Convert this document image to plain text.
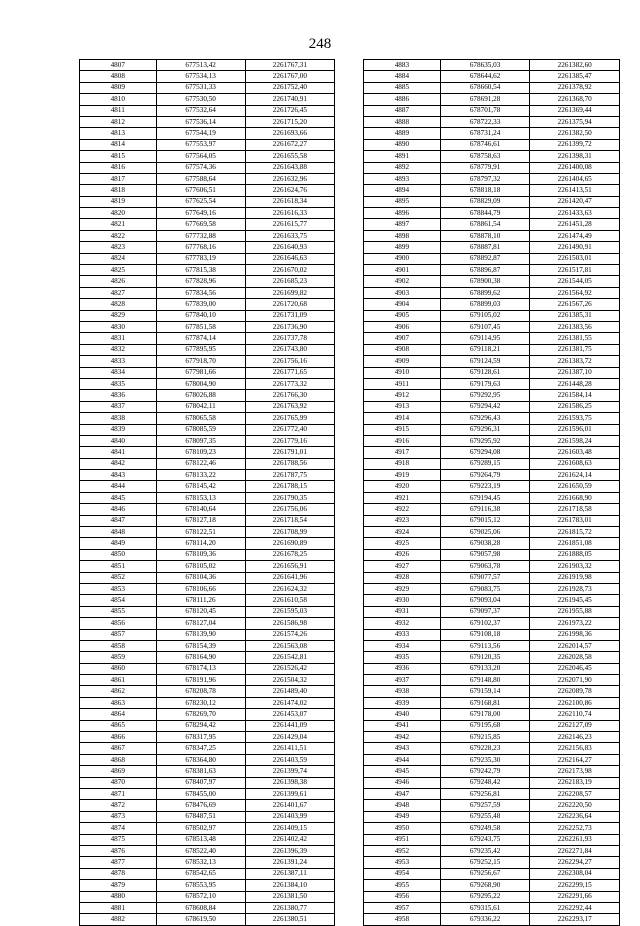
248
4807	677513,42	2261767,31
4808	677534,13	2261767,00
4809	677531,33	2261752,40
4810	677530,50	2261740,91
4811	677532,64	2261726,45
4812	677536,14	2261715,20
4813	677544,19	2261693,66
4814	677553,97	2261672,27
4815	677564,05	2261655,58
4816	677574,36	2261643,88
4817	677588,64	2261632,96
4818	677606,51	2261624,76
4819	677625,54	2261618,34
4820	677649,16	2261616,33
4821	677669,58	2261615,77
4822	677732,88	2261633,75
4823	677768,16	2261640,93
4824	677783,19	2261646,63
4825	677815,38	2261670,02
4826	677828,96	2261685,23
4827	677834,56	2261699,82
4828	677839,00	2261720,68
4829	677840,10	2261731,09
4830	677851,58	2261736,90
4831	677874,14	2261737,78
4832	677895,95	2261743,80
4833	677918,70	2261756,16
4834	677981,66	2261771,65
4835	678004,90	2261773,32
4836	678026,88	2261766,30
4837	678042,11	2261763,92
4838	678065,58	2261765,99
4839	678085,59	2261772,40
4840	678097,35	2261779,16
4841	678109,23	2261791,01
4842	678122,46	2261788,56
4843	678133,22	2261787,75
4844	678145,42	2261788,15
4845	678153,13	2261790,35
4846	678140,64	2261756,06
4847	678127,18	2261718,54
4848	678122,51	2261708,99
4849	678114,20	2261690,89
4850	678109,36	2261678,25
4851	678105,02	2261656,91
4852	678104,36	2261641,96
4853	678106,66	2261624,32
4854	678111,26	2261610,58
4855	678120,45	2261595,03
4856	678127,04	2261586,98
4857	678139,90	2261574,26
4858	678154,39	2261563,08
4859	678164,90	2261542,81
4860	678174,13	2261526,42
4861	678191,96	2261504,32
4862	678208,78	2261489,40
4863	678230,12	2261474,02
4864	678269,70	2261453,07
4865	678294,42	2261441,09
4866	678317,95	2261429,04
4867	678347,25	2261411,51
4868	678364,80	2261403,59
4869	678381,63	2261399,74
4870	678407,97	2261398,38
4871	678455,00	2261399,61
4872	678476,69	2261401,67
4873	678487,51	2261403,99
4874	678502,97	2261409,15
4875	678513,48	2261402,42
4876	678522,40	2261396,39
4877	678532,13	2261391,24
4878	678542,65	2261387,11
4879	678553,95	2261384,10
4880	678572,10	2261381,50
4881	678608,84	2261380,77
4882	678619,50	2261380,51
4883	678635,03	2261382,60
4884	678644,62	2261385,47
4885	678660,54	2261378,92
4886	678691,28	2261368,70
4887	678701,78	2261369,44
4888	678722,33	2261375,94
4889	678731,24	2261382,50
4890	678746,61	2261399,72
4891	678758,63	2261398,31
4892	678779,91	2261400,08
4893	678797,32	2261404,65
4894	678818,18	2261413,51
4895	678829,09	2261420,47
4896	678844,79	2261433,63
4897	678861,54	2261451,28
4898	678878,10	2261474,49
4899	678887,81	2261490,91
4900	678892,87	2261503,01
4901	678896,87	2261517,81
4902	678900,38	2261544,05
4903	678899,62	2261564,92
4904	678899,03	2261567,26
4905	679105,02	2261385,31
4906	679107,45	2261383,56
4907	679114,95	2261381,55
4908	679118,21	2261381,75
4909	679124,59	2261383,72
4910	679128,61	2261387,10
4911	679179,63	2261448,28
4912	679292,95	2261584,14
4913	679294,42	2261586,25
4914	679296,43	2261593,75
4915	679296,31	2261596,01
4916	679295,92	2261598,24
4917	679294,08	2261603,48
4918	679289,15	2261608,63
4919	679264,79	2261624,14
4920	679223,19	2261650,59
4921	679194,45	2261668,90
4922	679116,38	2261718,58
4923	679015,12	2261783,01
4924	679025,06	2261815,72
4925	679038,28	2261851,08
4926	679057,98	2261888,05
4927	679063,78	2261903,32
4928	679077,57	2261919,98
4929	679083,75	2261928,73
4930	679093,04	2261945,45
4931	679097,37	2261955,88
4932	679102,37	2261973,22
4933	679108,18	2261998,36
4934	679113,56	2262014,57
4935	679120,35	2262028,58
4936	679133,20	2262046,45
4937	679148,80	2262071,90
4938	679159,14	2262089,78
4939	679168,81	2262100,86
4940	679178,00	2262110,74
4941	679195,68	2262127,09
4942	679215,85	2262146,23
4943	679228,23	2262156,83
4944	679235,30	2262164,27
4945	679242,79	2262173,98
4946	679248,42	2262183,19
4947	679256,81	2262208,57
4948	679257,59	2262220,50
4949	679255,48	2262236,64
4950	679249,58	2262252,73
4951	679243,75	2262261,93
4952	679235,42	2262271,84
4953	679252,15	2262294,27
4954	679256,67	2262308,04
4955	679268,90	2262299,15
4956	679295,22	2262291,66
4957	679315,61	2262292,44
4958	679336,22	2262293,17
